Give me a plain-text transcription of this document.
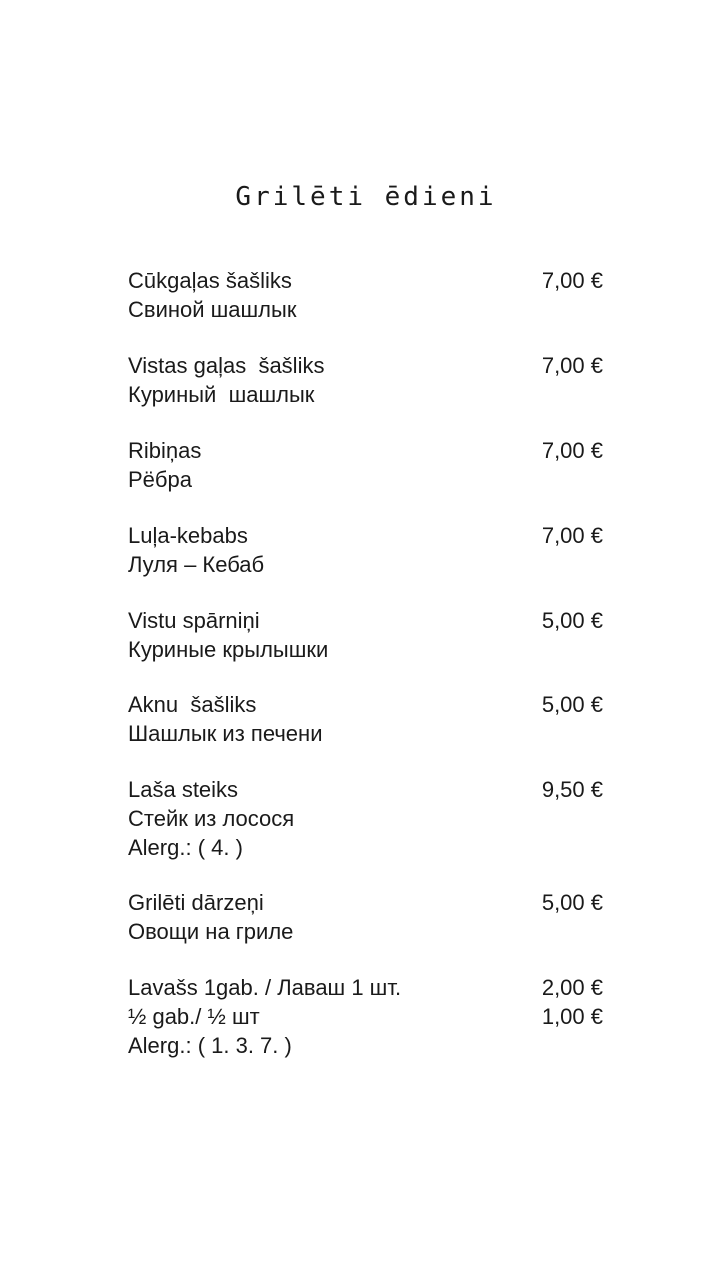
Grilēti ēdieni
Cūkgaļas šašliks	7,00 €
Свиной шашлык
Vistas gaļas  šašliks	7,00 €
Куриный  шашлык
Ribiņas	7,00 €
Рёбра
Luļa-kebabs	7,00 €
Луля – Кебаб
Vistu spārniņi	5,00 €
Куриные крылышки
Aknu  šašliks	5,00 €
Шашлык из печени
Laša steiks	9,50 €
Стейк из лосося
Alerg.: ( 4. )
Grilēti dārzeņi	5,00 €
Овощи на гриле
Lavašs 1gab. / Лаваш 1 шт.	2,00 €
½ gab./ ½ шт	1,00 €
Alerg.: ( 1. 3. 7. )
